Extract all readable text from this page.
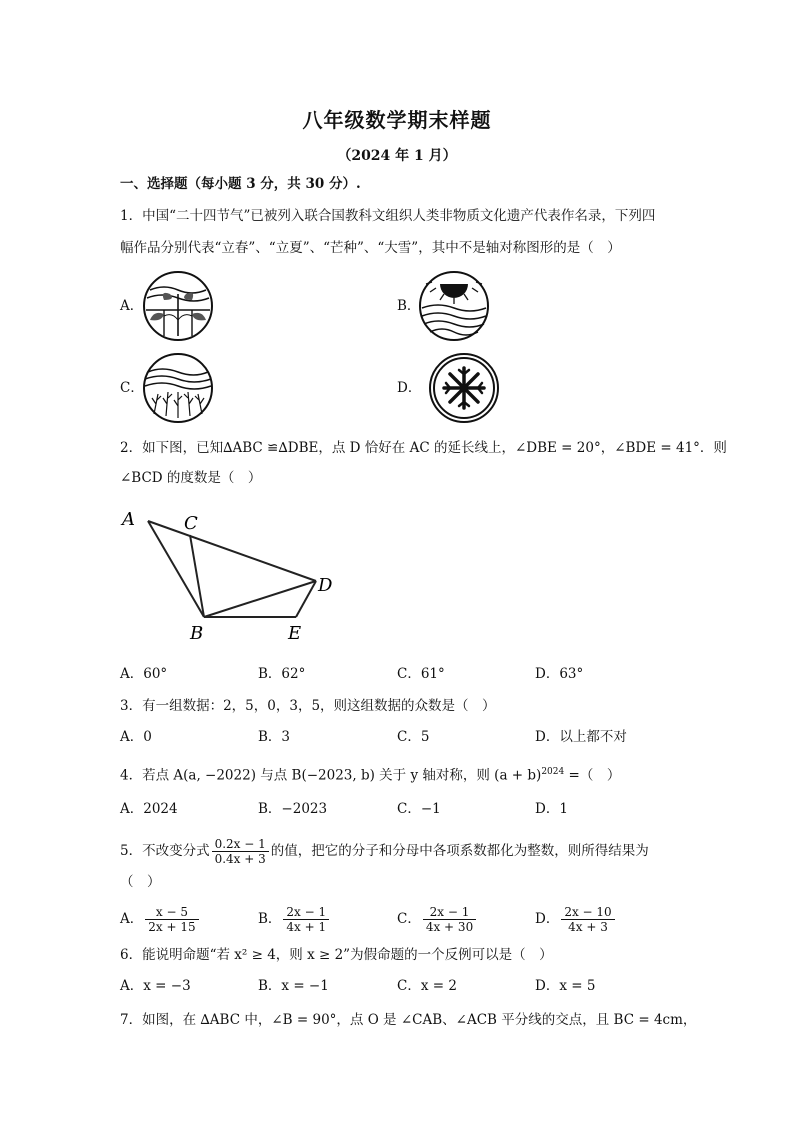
八年级数学期末样题
（2024 年 1 月）
一、选择题（每小题 3 分，共 30 分）.
1．中国“二十四节气”已被列入联合国教科文组织人类非物质文化遗产代表作名录，下列四
幅作品分别代表“立春”、“立夏”、“芒种”、“大雪”，其中不是轴对称图形的是（　）
A．	B．
C．	D．
2．如下图，已知∆ABC ≌∆DBE，点 D 恰好在 AC 的延长线上，∠DBE = 20°，∠BDE = 41°．则
∠BCD 的度数是（　）
A	C
D
B	E
A．60°	B．62°	C．61°	D．63°
3．有一组数据：2，5，0，3，5，则这组数据的众数是（　）
A．0	B．3	C．5	D．以上都不对
4．若点 A(a, −2022) 与点 B(−2023, b) 关于 y 轴对称，则 $(a + b)^{2024}$ =（　）
A．2024	B．−2023	C．−1	D．1
5．不改变分式 $\frac{0.2x - 1}{0.4x + 3}$ 的值，把它的分子和分母中各项系数都化为整数，则所得结果为
（　）
A． $\frac{x - 5}{2x + 15}$	B． $\frac{2x - 1}{4x + 1}$	C． $\frac{2x - 1}{4x + 30}$	D． $\frac{2x - 10}{4x + 3}$
6．能说明命题“若 x² ≥ 4，则 x ≥ 2”为假命题的一个反例可以是（　）
A．x = −3	B．x = −1	C．x = 2	D．x = 5
7．如图，在 ∆ABC 中，∠B = 90°，点 O 是 ∠CAB、∠ACB 平分线的交点，且 BC = 4cm，
